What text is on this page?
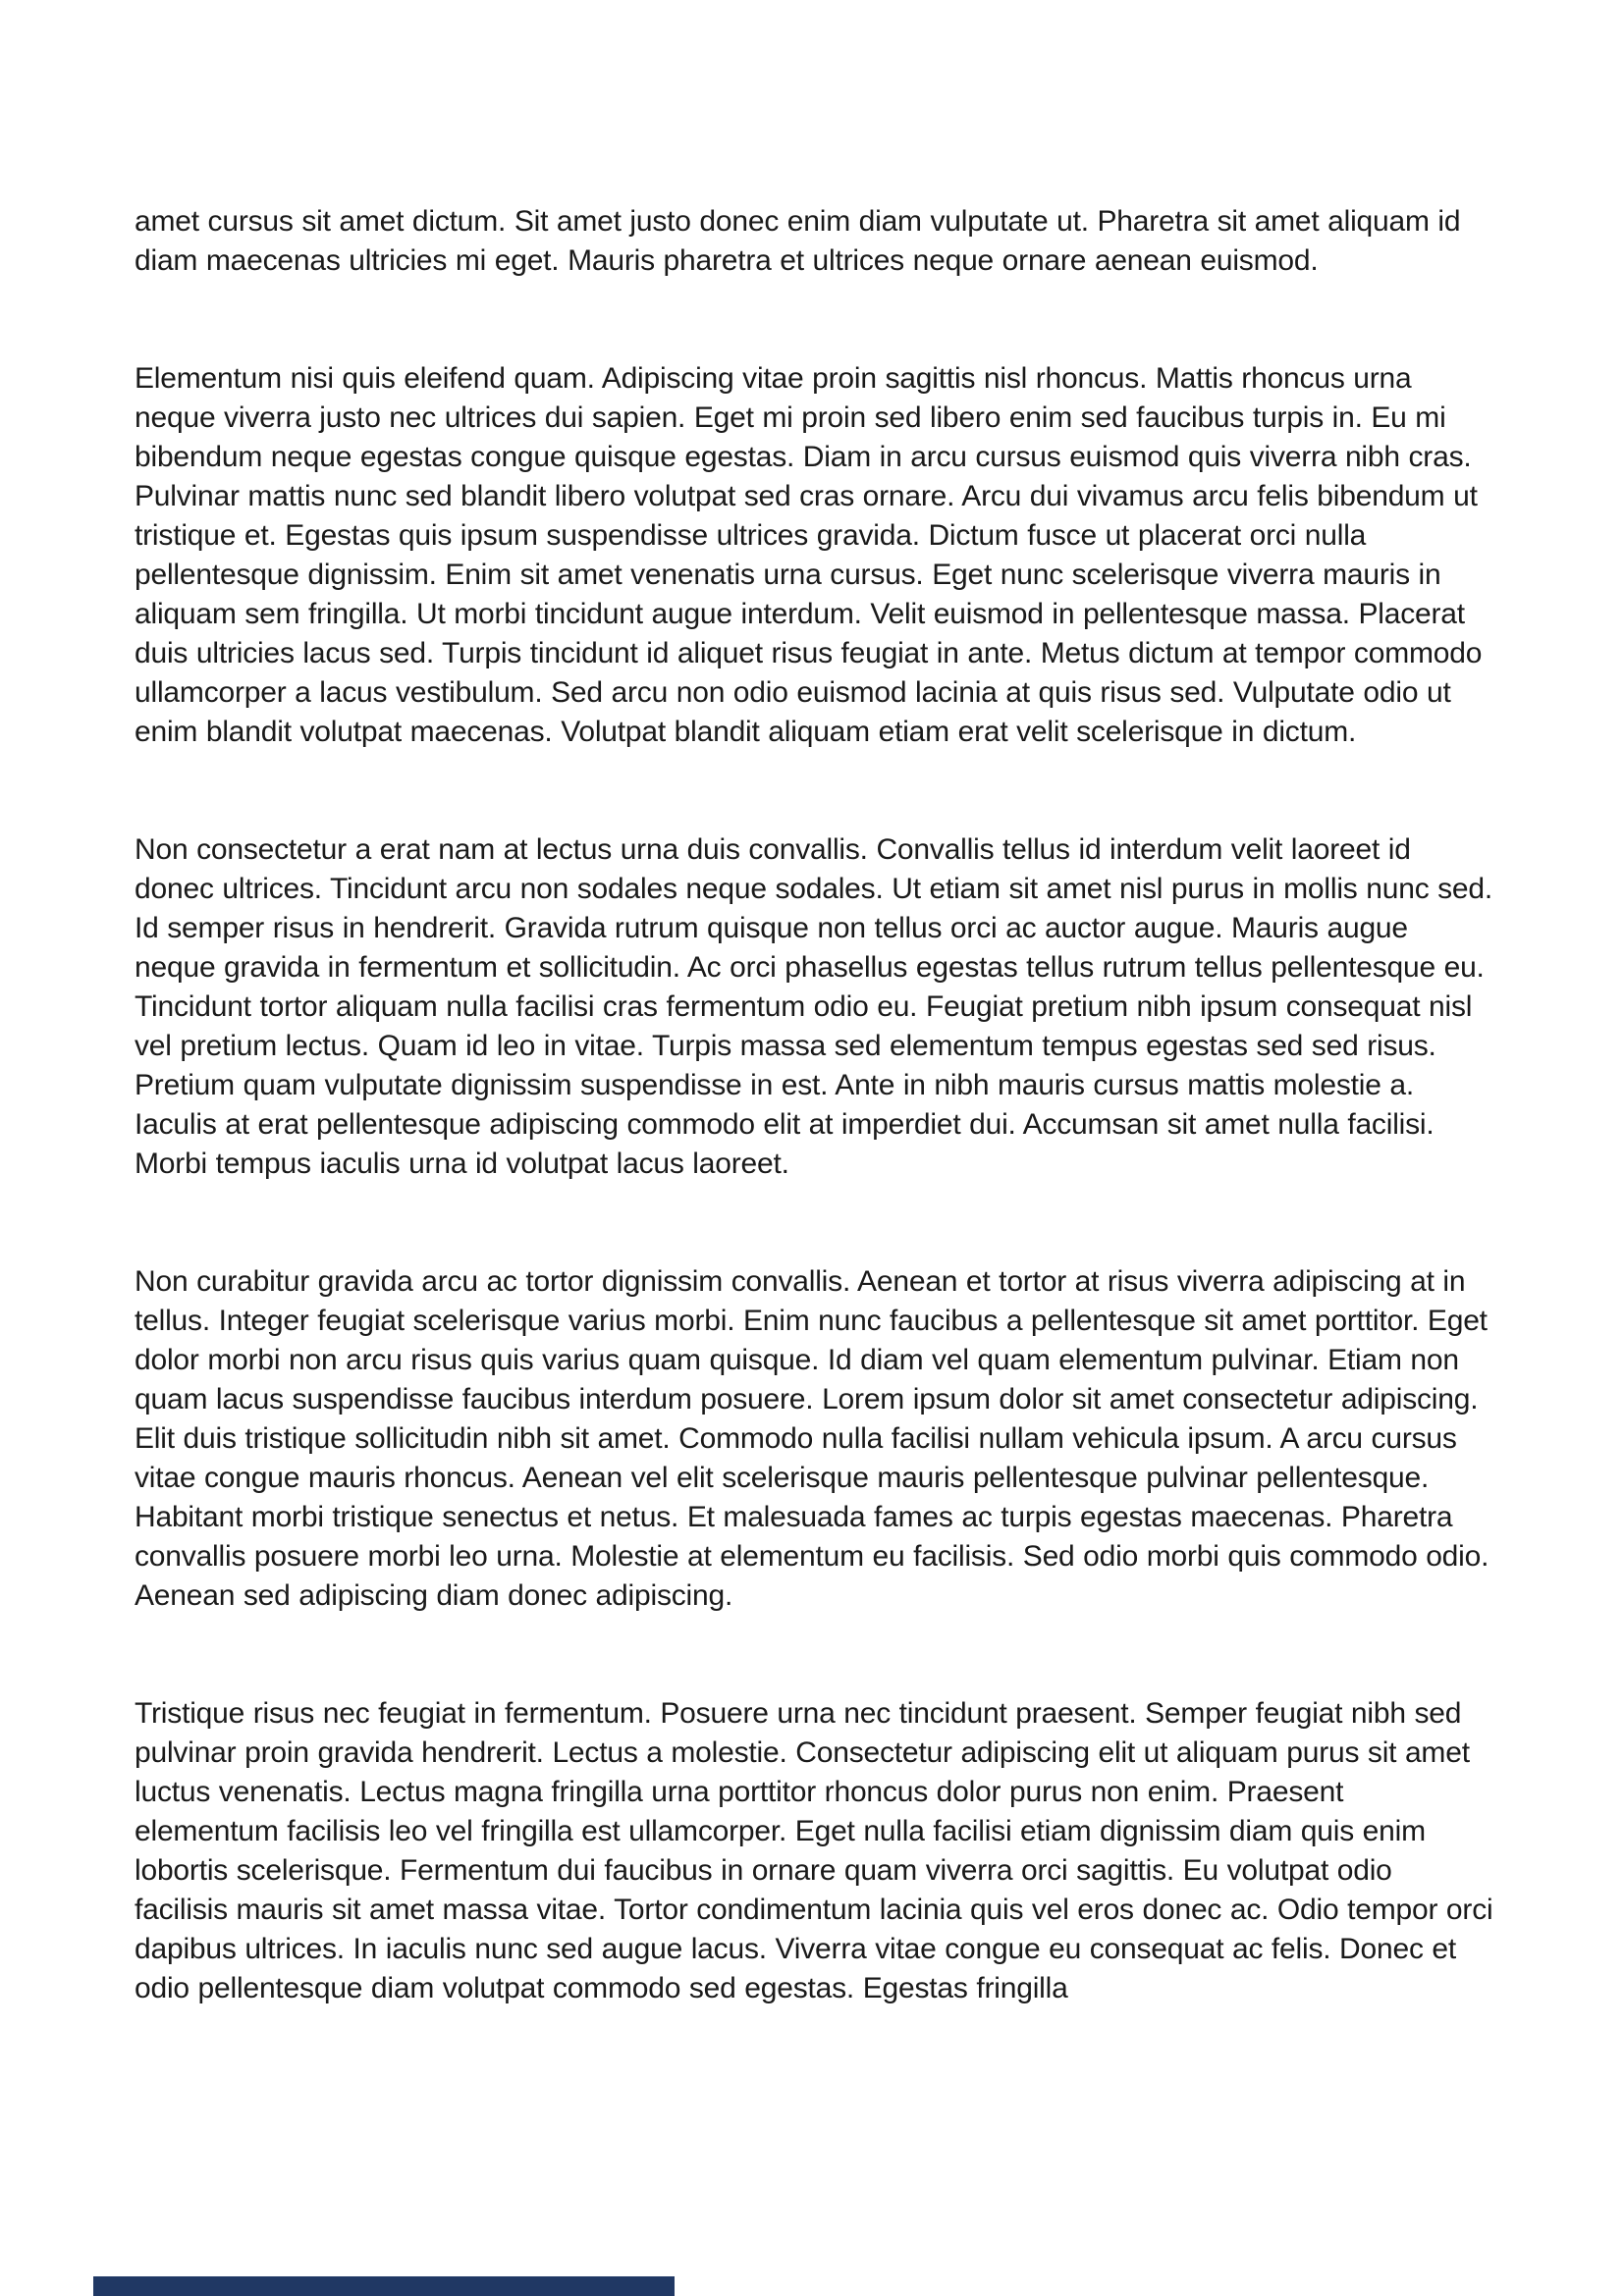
amet cursus sit amet dictum. Sit amet justo donec enim diam vulputate ut. Pharetra sit amet aliquam id diam maecenas ultricies mi eget. Mauris pharetra et ultrices neque ornare aenean euismod.

Elementum nisi quis eleifend quam. Adipiscing vitae proin sagittis nisl rhoncus. Mattis rhoncus urna neque viverra justo nec ultrices dui sapien. Eget mi proin sed libero enim sed faucibus turpis in. Eu mi bibendum neque egestas congue quisque egestas. Diam in arcu cursus euismod quis viverra nibh cras. Pulvinar mattis nunc sed blandit libero volutpat sed cras ornare. Arcu dui vivamus arcu felis bibendum ut tristique et. Egestas quis ipsum suspendisse ultrices gravida. Dictum fusce ut placerat orci nulla pellentesque dignissim. Enim sit amet venenatis urna cursus. Eget nunc scelerisque viverra mauris in aliquam sem fringilla. Ut morbi tincidunt augue interdum. Velit euismod in pellentesque massa. Placerat duis ultricies lacus sed. Turpis tincidunt id aliquet risus feugiat in ante. Metus dictum at tempor commodo ullamcorper a lacus vestibulum. Sed arcu non odio euismod lacinia at quis risus sed. Vulputate odio ut enim blandit volutpat maecenas. Volutpat blandit aliquam etiam erat velit scelerisque in dictum.

Non consectetur a erat nam at lectus urna duis convallis. Convallis tellus id interdum velit laoreet id donec ultrices. Tincidunt arcu non sodales neque sodales. Ut etiam sit amet nisl purus in mollis nunc sed. Id semper risus in hendrerit. Gravida rutrum quisque non tellus orci ac auctor augue. Mauris augue neque gravida in fermentum et sollicitudin. Ac orci phasellus egestas tellus rutrum tellus pellentesque eu. Tincidunt tortor aliquam nulla facilisi cras fermentum odio eu. Feugiat pretium nibh ipsum consequat nisl vel pretium lectus. Quam id leo in vitae. Turpis massa sed elementum tempus egestas sed sed risus. Pretium quam vulputate dignissim suspendisse in est. Ante in nibh mauris cursus mattis molestie a. Iaculis at erat pellentesque adipiscing commodo elit at imperdiet dui. Accumsan sit amet nulla facilisi. Morbi tempus iaculis urna id volutpat lacus laoreet.

Non curabitur gravida arcu ac tortor dignissim convallis. Aenean et tortor at risus viverra adipiscing at in tellus. Integer feugiat scelerisque varius morbi. Enim nunc faucibus a pellentesque sit amet porttitor. Eget dolor morbi non arcu risus quis varius quam quisque. Id diam vel quam elementum pulvinar. Etiam non quam lacus suspendisse faucibus interdum posuere. Lorem ipsum dolor sit amet consectetur adipiscing. Elit duis tristique sollicitudin nibh sit amet. Commodo nulla facilisi nullam vehicula ipsum. A arcu cursus vitae congue mauris rhoncus. Aenean vel elit scelerisque mauris pellentesque pulvinar pellentesque. Habitant morbi tristique senectus et netus. Et malesuada fames ac turpis egestas maecenas. Pharetra convallis posuere morbi leo urna. Molestie at elementum eu facilisis. Sed odio morbi quis commodo odio. Aenean sed adipiscing diam donec adipiscing.

Tristique risus nec feugiat in fermentum. Posuere urna nec tincidunt praesent. Semper feugiat nibh sed pulvinar proin gravida hendrerit. Lectus a molestie. Consectetur adipiscing elit ut aliquam purus sit amet luctus venenatis. Lectus magna fringilla urna porttitor rhoncus dolor purus non enim. Praesent elementum facilisis leo vel fringilla est ullamcorper. Eget nulla facilisi etiam dignissim diam quis enim lobortis scelerisque. Fermentum dui faucibus in ornare quam viverra orci sagittis. Eu volutpat odio facilisis mauris sit amet massa vitae. Tortor condimentum lacinia quis vel eros donec ac. Odio tempor orci dapibus ultrices. In iaculis nunc sed augue lacus. Viverra vitae congue eu consequat ac felis. Donec et odio pellentesque diam volutpat commodo sed egestas. Egestas fringilla
